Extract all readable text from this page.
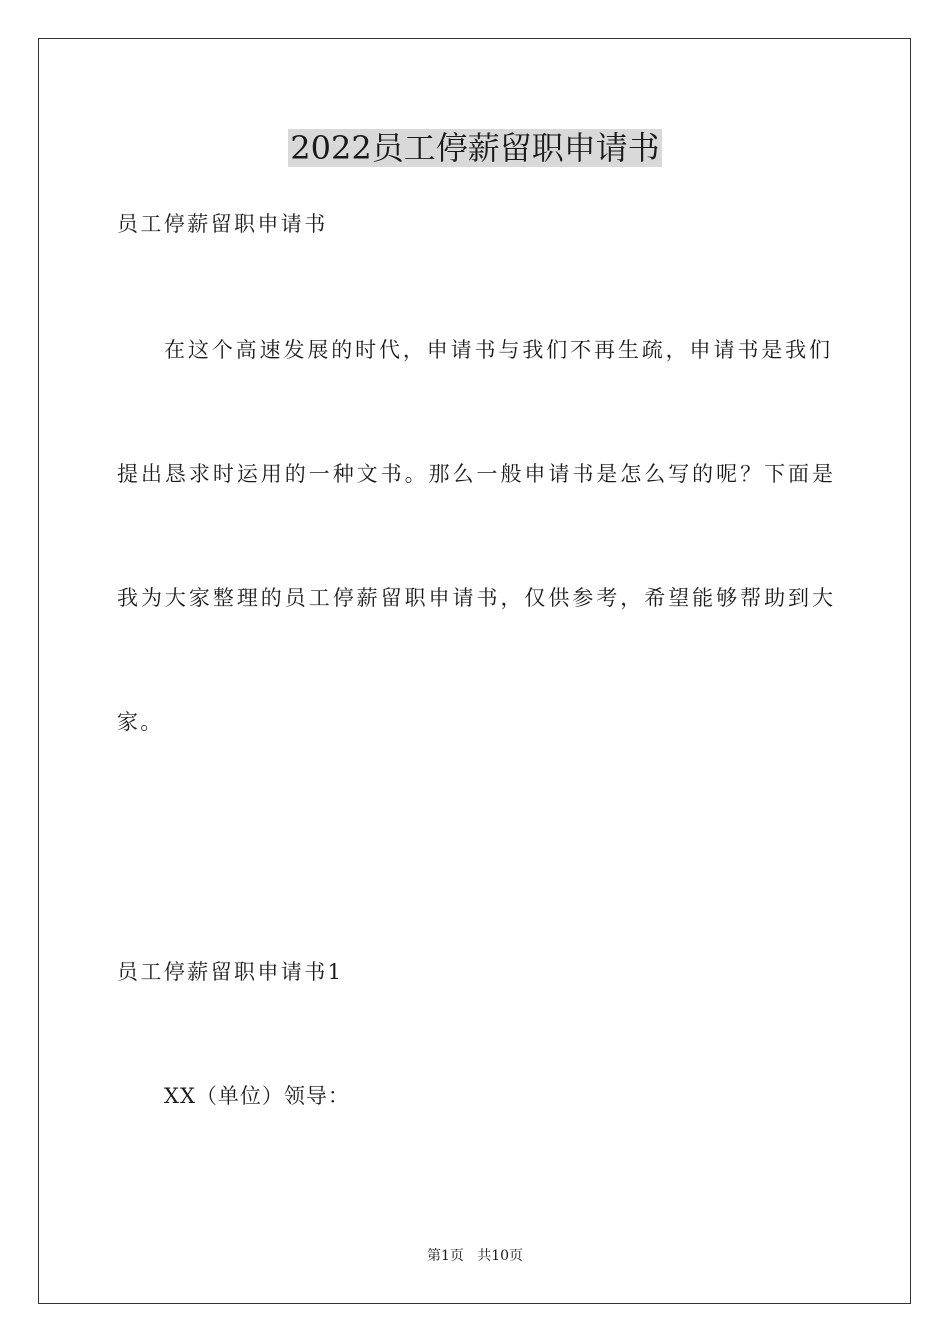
2022员工停薪留职申请书

员工停薪留职申请书

在这个高速发展的时代，申请书与我们不再生疏，申请书是我们

提出恳求时运用的一种文书。那么一般申请书是怎么写的呢？下面是

我为大家整理的员工停薪留职申请书，仅供参考，希望能够帮助到大

家。

员工停薪留职申请书1

XX（单位）领导：

第1页   共10页
